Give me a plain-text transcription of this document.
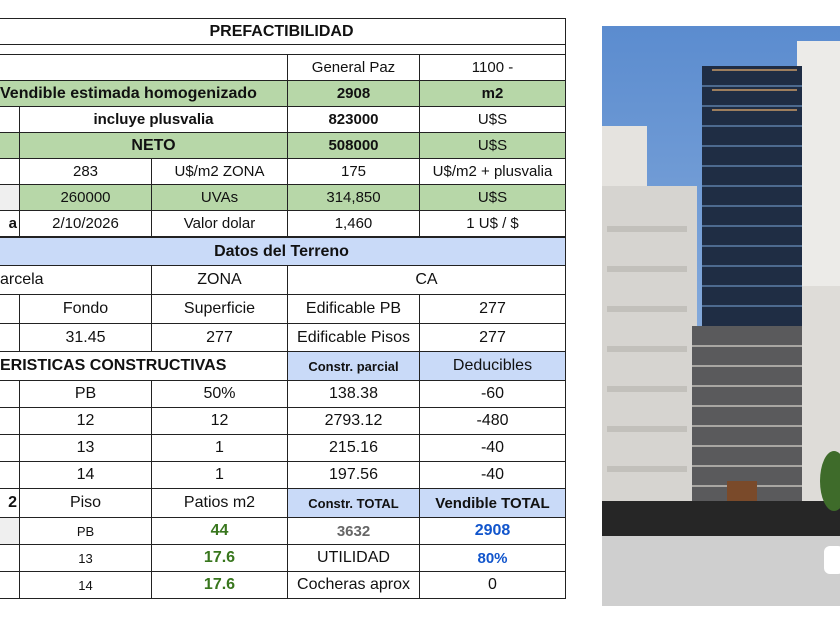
PREFACTIBILIDAD
General Paz	1100 -
Vendible estimada homogenizado	2908	m2
incluye plusvalia	823000	U$S
NETO	508000	U$S
283	U$/m2 ZONA	175	U$/m2 + plusvalia
260000	UVAs	314,850	U$S
a	2/10/2026	Valor dolar	1,460	1 U$ / $
Datos del Terreno
arcela	ZONA	CA
Fondo	Superficie	Edificable PB	277
31.45	277	Edificable Pisos	277
ERISTICAS CONSTRUCTIVAS	Constr. parcial	Deducibles
PB	50%	138.38	-60
12	12	2793.12	-480
13	1	215.16	-40
14	1	197.56	-40
2	Piso	Patios m2	Constr. TOTAL	Vendible TOTAL
PB	44	3632	2908
13	17.6	UTILIDAD	80%
14	17.6	Cocheras aprox	0
